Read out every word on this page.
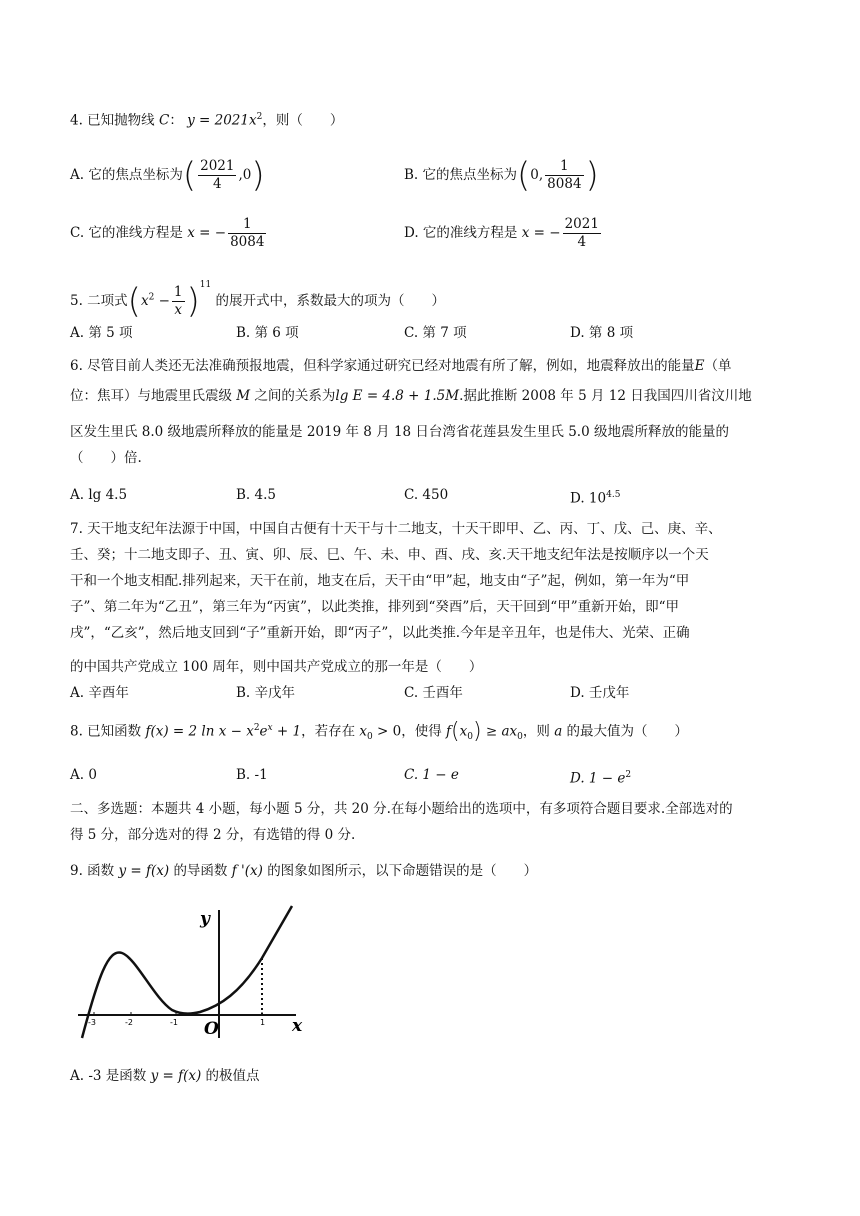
4. 已知抛物线 C： $y = 2021x^2$，则（　　）
A. 它的焦点坐标为( $\frac{2021}{4} ,0$)	B. 它的焦点坐标为(0, $\frac{1}{8084}$ )
C. 它的准线方程是 x = − $\frac{1}{8084}$	D. 它的准线方程是 x = − $\frac{2021}{4}$
5. 二项式$(x^2 - \frac{1}{x} )^{11}$ 的展开式中，系数最大的项为（　　）
A. 第 5 项	B. 第 6 项	C. 第 7 项	D. 第 8 项
6. 尽管目前人类还无法准确预报地震，但科学家通过研究已经对地震有所了解，例如，地震释放出的能量E（单
位：焦耳）与地震里氏震级 M 之间的关系为lg E = 4.8 + 1.5M.据此推断 2008 年 5 月 12 日我国四川省汶川地
区发生里氏 8.0 级地震所释放的能量是 2019 年 8 月 18 日台湾省花莲县发生里氏 5.0 级地震所释放的能量的
（　　）倍.
A. lg 4.5	B. 4.5	C. 450	D. $10^{4.5}$
7. 天干地支纪年法源于中国，中国自古便有十天干与十二地支，十天干即甲、乙、丙、丁、戊、己、庚、辛、
壬、癸；十二地支即子、丑、寅、卯、辰、巳、午、未、申、酉、戌、亥.天干地支纪年法是按顺序以一个天
干和一个地支相配.排列起来，天干在前，地支在后，天干由“甲”起，地支由“子”起，例如，第一年为“甲
子”、第二年为“乙丑”，第三年为“丙寅”，以此类推，排列到“癸酉”后，天干回到“甲”重新开始，即“甲
戌”，“乙亥”，然后地支回到“子”重新开始，即“丙子”，以此类推.今年是辛丑年，也是伟大、光荣、正确
的中国共产党成立 100 周年，则中国共产党成立的那一年是（　　）
A. 辛酉年	B. 辛戊年	C. 壬酉年	D. 壬戊年
8. 已知函数 f(x) = 2 $\ln x - x^2e^x + 1$，若存在 $x_0 > 0$，使得 $f(x_0) \ge ax_0$，则 a 的最大值为（　　）
A. 0	B. -1	C. 1 − e	D. $1 - e^2$
二、多选题：本题共 4 小题，每小题 5 分，共 20 分.在每小题给出的选项中，有多项符合题目要求.全部选对的
得 5 分，部分选对的得 2 分，有选错的得 0 分.
9. 函数 y = f(x) 的导函数 f '(x) 的图象如图所示，以下命题错误的是（　　）
y
x
O
-3	-2	-1	1
A. -3 是函数 y = f(x) 的极值点
